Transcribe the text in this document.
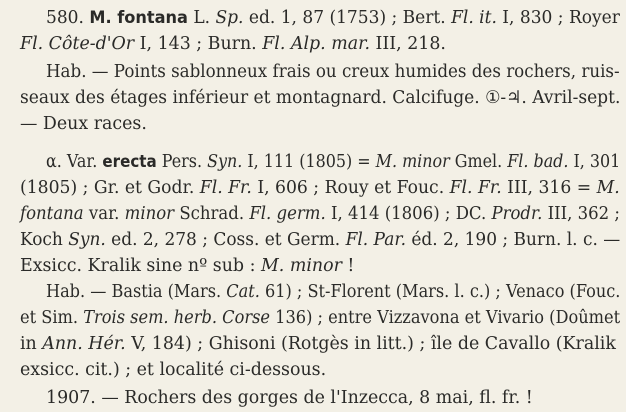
580. M. fontana L. Sp. ed. 1, 87 (1753) ; Bert. Fl. it. I, 830 ; Royer
Fl. Côte-d'Or I, 143 ; Burn. Fl. Alp. mar. III, 218.
Hab. — Points sablonneux frais ou creux humides des rochers, ruis-
seaux des étages inférieur et montagnard. Calcifuge. ①-♃. Avril-sept.
— Deux races.
α. Var. erecta Pers. Syn. I, 111 (1805) = M. minor Gmel. Fl. bad. I, 301
(1805) ; Gr. et Godr. Fl. Fr. I, 606 ; Rouy et Fouc. Fl. Fr. III, 316 = M.
fontana var. minor Schrad. Fl. germ. I, 414 (1806) ; DC. Prodr. III, 362 ;
Koch Syn. ed. 2, 278 ; Coss. et Germ. Fl. Par. éd. 2, 190 ; Burn. l. c. —
Exsicc. Kralik sine nº sub : M. minor !
Hab. — Bastia (Mars. Cat. 61) ; St-Florent (Mars. l. c.) ; Venaco (Fouc.
et Sim. Trois sem. herb. Corse 136) ; entre Vizzavona et Vivario (Doûmet
in Ann. Hér. V, 184) ; Ghisoni (Rotgès in litt.) ; île de Cavallo (Kralik
exsicc. cit.) ; et localité ci-dessous.
1907. — Rochers des gorges de l'Inzecca, 8 mai, fl. fr. !
